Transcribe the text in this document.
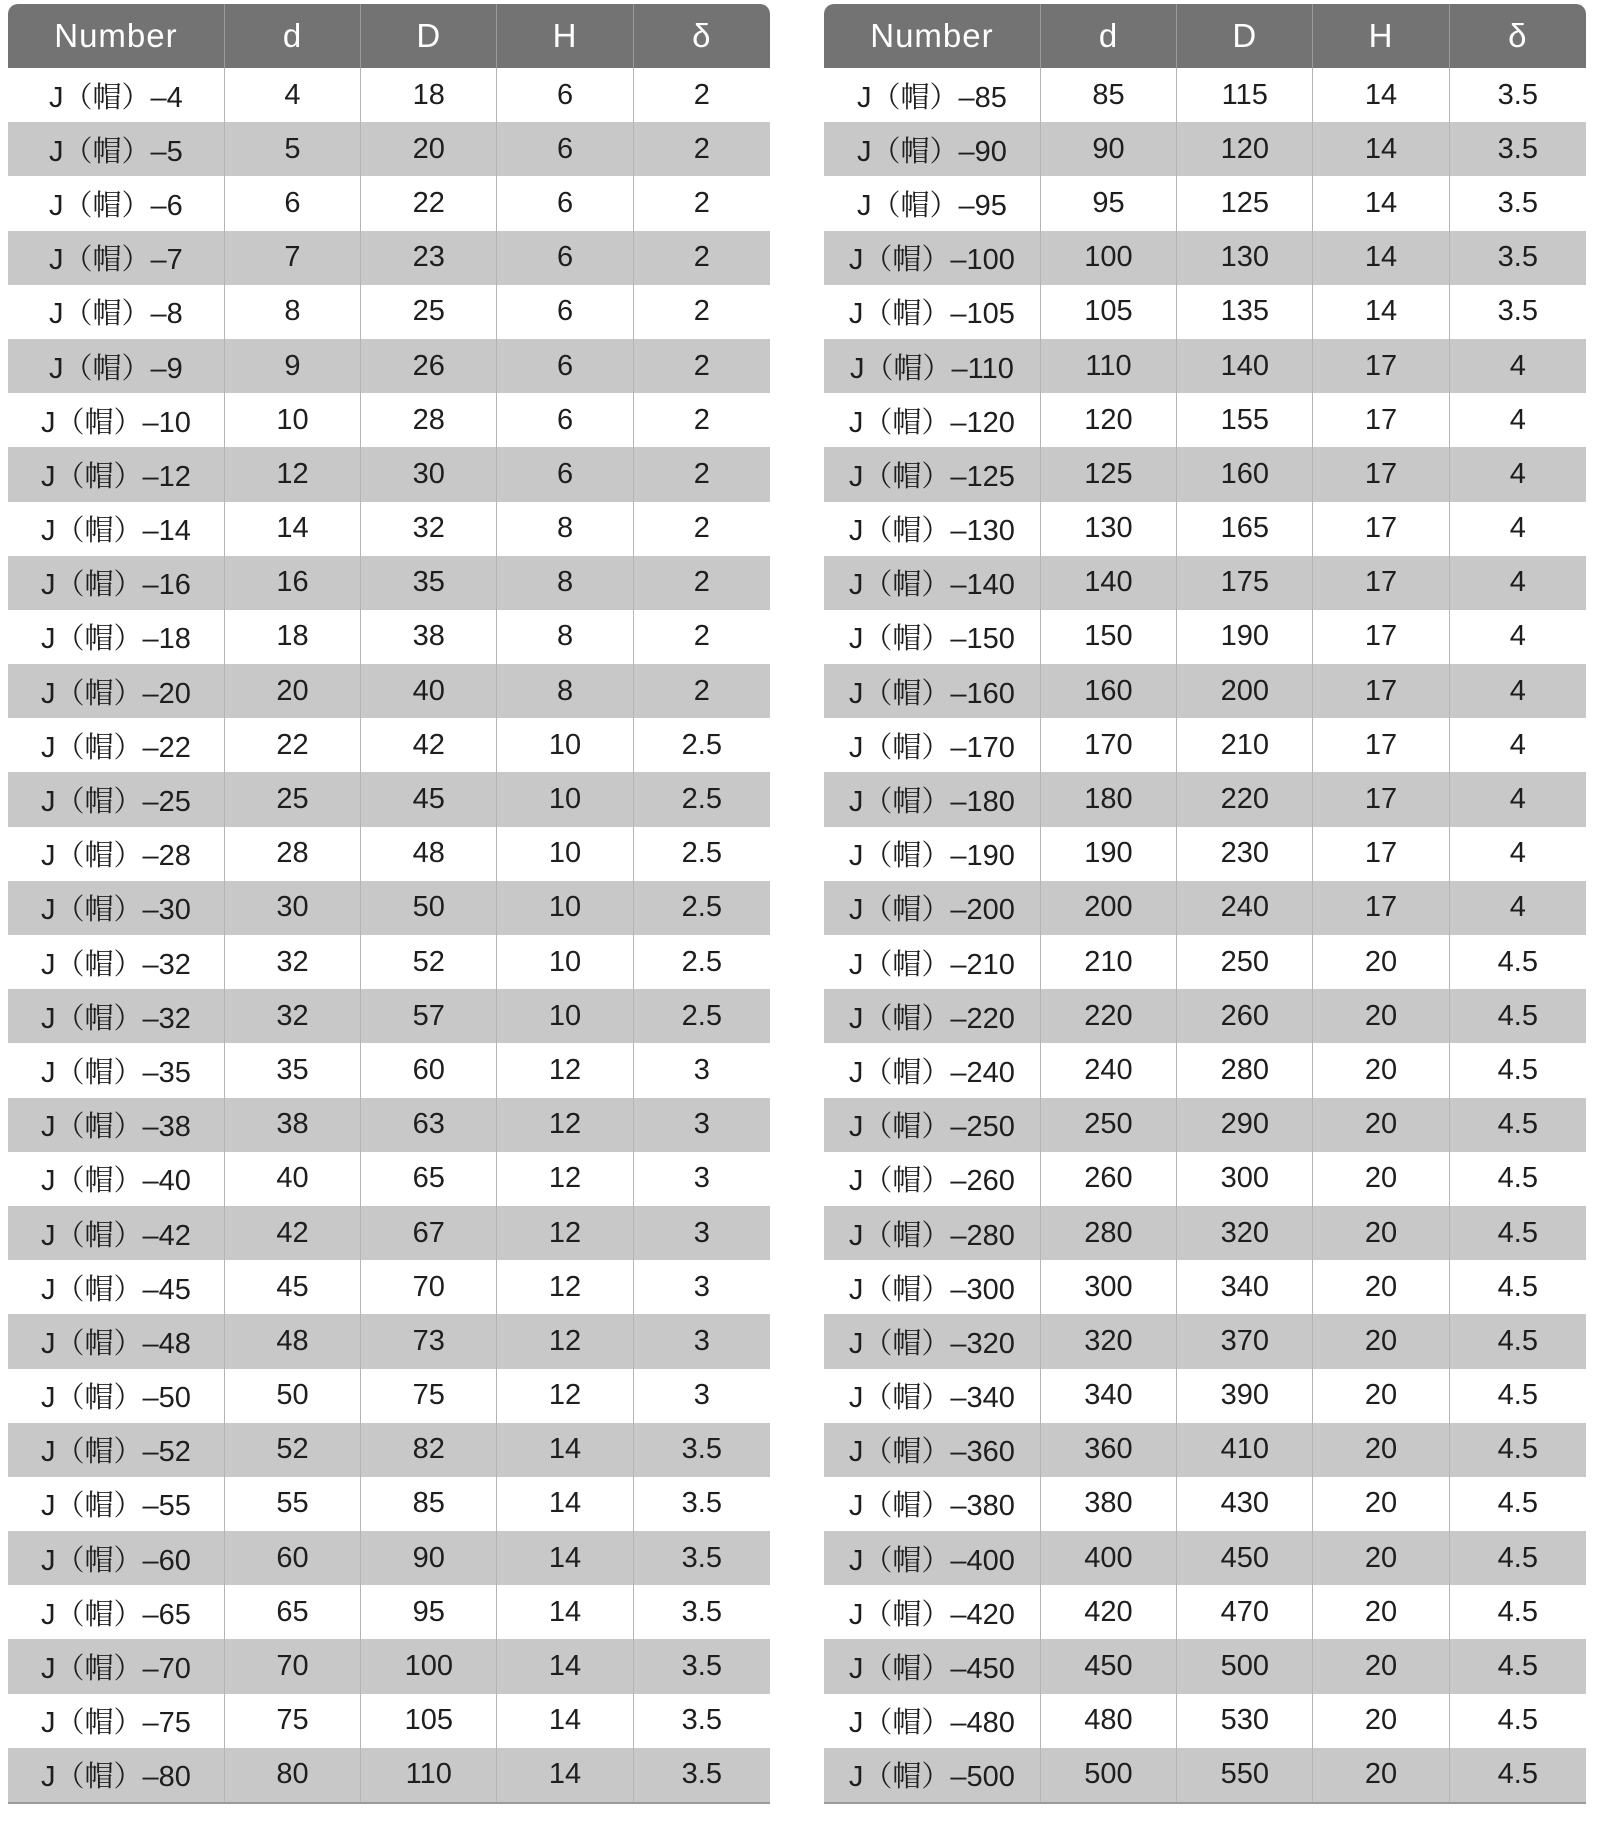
Number	d	D	H	δ
J（帽）–4	4	18	6	2
J（帽）–5	5	20	6	2
J（帽）–6	6	22	6	2
J（帽）–7	7	23	6	2
J（帽）–8	8	25	6	2
J（帽）–9	9	26	6	2
J（帽）–10	10	28	6	2
J（帽）–12	12	30	6	2
J（帽）–14	14	32	8	2
J（帽）–16	16	35	8	2
J（帽）–18	18	38	8	2
J（帽）–20	20	40	8	2
J（帽）–22	22	42	10	2.5
J（帽）–25	25	45	10	2.5
J（帽）–28	28	48	10	2.5
J（帽）–30	30	50	10	2.5
J（帽）–32	32	52	10	2.5
J（帽）–32	32	57	10	2.5
J（帽）–35	35	60	12	3
J（帽）–38	38	63	12	3
J（帽）–40	40	65	12	3
J（帽）–42	42	67	12	3
J（帽）–45	45	70	12	3
J（帽）–48	48	73	12	3
J（帽）–50	50	75	12	3
J（帽）–52	52	82	14	3.5
J（帽）–55	55	85	14	3.5
J（帽）–60	60	90	14	3.5
J（帽）–65	65	95	14	3.5
J（帽）–70	70	100	14	3.5
J（帽）–75	75	105	14	3.5
J（帽）–80	80	110	14	3.5
Number	d	D	H	δ
J（帽）–85	85	115	14	3.5
J（帽）–90	90	120	14	3.5
J（帽）–95	95	125	14	3.5
J（帽）–100	100	130	14	3.5
J（帽）–105	105	135	14	3.5
J（帽）–110	110	140	17	4
J（帽）–120	120	155	17	4
J（帽）–125	125	160	17	4
J（帽）–130	130	165	17	4
J（帽）–140	140	175	17	4
J（帽）–150	150	190	17	4
J（帽）–160	160	200	17	4
J（帽）–170	170	210	17	4
J（帽）–180	180	220	17	4
J（帽）–190	190	230	17	4
J（帽）–200	200	240	17	4
J（帽）–210	210	250	20	4.5
J（帽）–220	220	260	20	4.5
J（帽）–240	240	280	20	4.5
J（帽）–250	250	290	20	4.5
J（帽）–260	260	300	20	4.5
J（帽）–280	280	320	20	4.5
J（帽）–300	300	340	20	4.5
J（帽）–320	320	370	20	4.5
J（帽）–340	340	390	20	4.5
J（帽）–360	360	410	20	4.5
J（帽）–380	380	430	20	4.5
J（帽）–400	400	450	20	4.5
J（帽）–420	420	470	20	4.5
J（帽）–450	450	500	20	4.5
J（帽）–480	480	530	20	4.5
J（帽）–500	500	550	20	4.5
